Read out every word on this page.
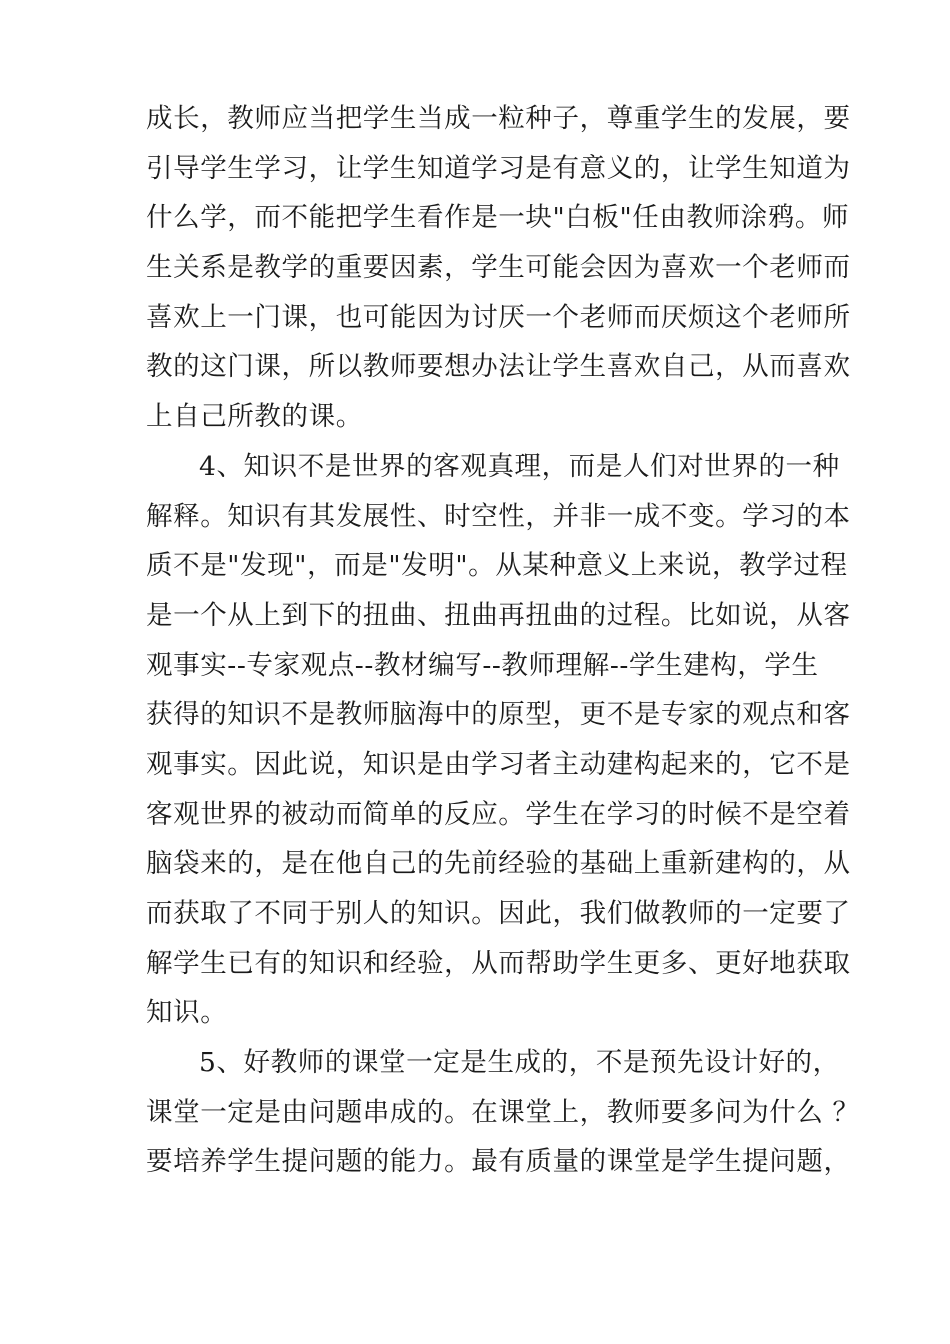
成长，教师应当把学生当成一粒种子，尊重学生的发展，要
引导学生学习，让学生知道学习是有意义的，让学生知道为
什么学，而不能把学生看作是一块"白板"任由教师涂鸦。师
生关系是教学的重要因素，学生可能会因为喜欢一个老师而
喜欢上一门课，也可能因为讨厌一个老师而厌烦这个老师所
教的这门课，所以教师要想办法让学生喜欢自己，从而喜欢
上自己所教的课。
4、知识不是世界的客观真理，而是人们对世界的一种
解释。知识有其发展性、时空性，并非一成不变。学习的本
质不是"发现"，而是"发明"。从某种意义上来说，教学过程
是一个从上到下的扭曲、扭曲再扭曲的过程。比如说，从客
观事实--专家观点--教材编写--教师理解--学生建构，学生
获得的知识不是教师脑海中的原型，更不是专家的观点和客
观事实。因此说，知识是由学习者主动建构起来的，它不是
客观世界的被动而简单的反应。学生在学习的时候不是空着
脑袋来的，是在他自己的先前经验的基础上重新建构的，从
而获取了不同于别人的知识。因此，我们做教师的一定要了
解学生已有的知识和经验，从而帮助学生更多、更好地获取
知识。
5、好教师的课堂一定是生成的，不是预先设计好的，
课堂一定是由问题串成的。在课堂上，教师要多问为什么 ？
要培养学生提问题的能力。最有质量的课堂是学生提问题，
